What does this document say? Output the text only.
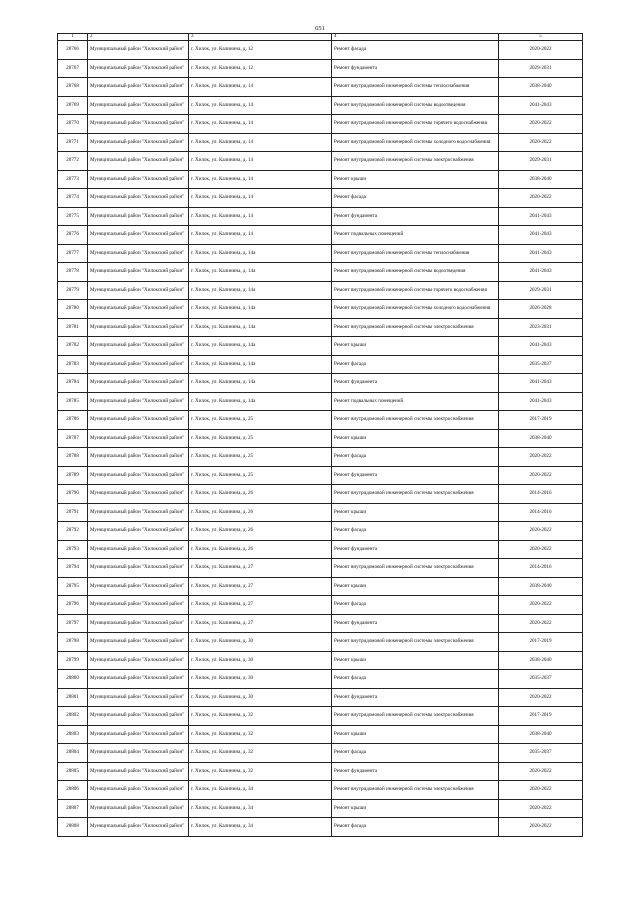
651
1	2	3	4	5
28766	Муниципальный район "Хилокский район"	г. Хилок, ул. Калинина, д. 12	Ремонт фасада	2020-2022
28767	Муниципальный район "Хилокский район"	г. Хилок, ул. Калинина, д. 12	Ремонт фундамента	2029-2031
28768	Муниципальный район "Хилокский район"	г. Хилок, ул. Калинина, д. 14	Ремонт внутридомовой инженерной системы теплоснабжения	2038-2040
28769	Муниципальный район "Хилокский район"	г. Хилок, ул. Калинина, д. 14	Ремонт внутридомовой инженерной системы водоотведения	2041-2043
28770	Муниципальный район "Хилокский район"	г. Хилок, ул. Калинина, д. 14	Ремонт внутридомовой инженерной системы горячего водоснабжения	2020-2022
28771	Муниципальный район "Хилокский район"	г. Хилок, ул. Калинина, д. 14	Ремонт внутридомовой инженерной системы холодного водоснабжения	2020-2022
28772	Муниципальный район "Хилокский район"	г. Хилок, ул. Калинина, д. 14	Ремонт внутридомовой инженерной системы электроснабжения	2029-2031
28773	Муниципальный район "Хилокский район"	г. Хилок, ул. Калинина, д. 14	Ремонт крыши	2038-2040
28774	Муниципальный район "Хилокский район"	г. Хилок, ул. Калинина, д. 14	Ремонт фасада	2020-2022
28775	Муниципальный район "Хилокский район"	г. Хилок, ул. Калинина, д. 14	Ремонт фундамента	2041-2043
28776	Муниципальный район "Хилокский район"	г. Хилок, ул. Калинина, д. 14	Ремонт подвальных помещений	2041-2043
28777	Муниципальный район "Хилокский район"	г. Хилок, ул. Калинина, д. 14а	Ремонт внутридомовой инженерной системы теплоснабжения	2041-2043
28778	Муниципальный район "Хилокский район"	г. Хилок, ул. Калинина, д. 14а	Ремонт внутридомовой инженерной системы водоотведения	2041-2043
28779	Муниципальный район "Хилокский район"	г. Хилок, ул. Калинина, д. 14а	Ремонт внутридомовой инженерной системы горячего водоснабжения	2029-2031
28780	Муниципальный район "Хилокский район"	г. Хилок, ул. Калинина, д. 14а	Ремонт внутридомовой инженерной системы холодного водоснабжения	2026-2028
28781	Муниципальный район "Хилокский район"	г. Хилок, ул. Калинина, д. 14а	Ремонт внутридомовой инженерной системы электроснабжения	2023-2031
28782	Муниципальный район "Хилокский район"	г. Хилок, ул. Калинина, д. 14а	Ремонт крыши	2041-2043
28783	Муниципальный район "Хилокский район"	г. Хилок, ул. Калинина, д. 14а	Ремонт фасада	2035-2037
28784	Муниципальный район "Хилокский район"	г. Хилок, ул. Калинина, д. 14а	Ремонт фундамента	2041-2043
28785	Муниципальный район "Хилокский район"	г. Хилок, ул. Калинина, д. 14а	Ремонт подвальных помещений	2041-2043
28786	Муниципальный район "Хилокский район"	г. Хилок, ул. Калинина, д. 25	Ремонт внутридомовой инженерной системы электроснабжения	2017-2019
28787	Муниципальный район "Хилокский район"	г. Хилок, ул. Калинина, д. 25	Ремонт крыши	2038-2040
28788	Муниципальный район "Хилокский район"	г. Хилок, ул. Калинина, д. 25	Ремонт фасада	2020-2022
28789	Муниципальный район "Хилокский район"	г. Хилок, ул. Калинина, д. 25	Ремонт фундамента	2020-2022
28790	Муниципальный район "Хилокский район"	г. Хилок, ул. Калинина, д. 26	Ремонт внутридомовой инженерной системы электроснабжения	2014-2016
28791	Муниципальный район "Хилокский район"	г. Хилок, ул. Калинина, д. 26	Ремонт крыши	2014-2016
28792	Муниципальный район "Хилокский район"	г. Хилок, ул. Калинина, д. 26	Ремонт фасада	2020-2022
28793	Муниципальный район "Хилокский район"	г. Хилок, ул. Калинина, д. 26	Ремонт фундамента	2020-2022
28794	Муниципальный район "Хилокский район"	г. Хилок, ул. Калинина, д. 27	Ремонт внутридомовой инженерной системы электроснабжения	2014-2016
28795	Муниципальный район "Хилокский район"	г. Хилок, ул. Калинина, д. 27	Ремонт крыши	2038-2040
28796	Муниципальный район "Хилокский район"	г. Хилок, ул. Калинина, д. 27	Ремонт фасада	2020-2022
28797	Муниципальный район "Хилокский район"	г. Хилок, ул. Калинина, д. 27	Ремонт фундамента	2020-2022
28798	Муниципальный район "Хилокский район"	г. Хилок, ул. Калинина, д. 30	Ремонт внутридомовой инженерной системы электроснабжения	2017-2019
28799	Муниципальный район "Хилокский район"	г. Хилок, ул. Калинина, д. 30	Ремонт крыши	2038-2040
28800	Муниципальный район "Хилокский район"	г. Хилок, ул. Калинина, д. 30	Ремонт фасада	2035-2037
28801	Муниципальный район "Хилокский район"	г. Хилок, ул. Калинина, д. 30	Ремонт фундамента	2020-2022
28802	Муниципальный район "Хилокский район"	г. Хилок, ул. Калинина, д. 32	Ремонт внутридомовой инженерной системы электроснабжения	2017-2019
28803	Муниципальный район "Хилокский район"	г. Хилок, ул. Калинина, д. 32	Ремонт крыши	2038-2040
28804	Муниципальный район "Хилокский район"	г. Хилок, ул. Калинина, д. 32	Ремонт фасада	2035-2037
28805	Муниципальный район "Хилокский район"	г. Хилок, ул. Калинина, д. 32	Ремонт фундамента	2020-2022
28806	Муниципальный район "Хилокский район"	г. Хилок, ул. Калинина, д. 34	Ремонт внутридомовой инженерной системы электроснабжения	2020-2022
28807	Муниципальный район "Хилокский район"	г. Хилок, ул. Калинина, д. 34	Ремонт крыши	2020-2022
28808	Муниципальный район "Хилокский район"	г. Хилок, ул. Калинина, д. 34	Ремонт фасада	2020-2022
